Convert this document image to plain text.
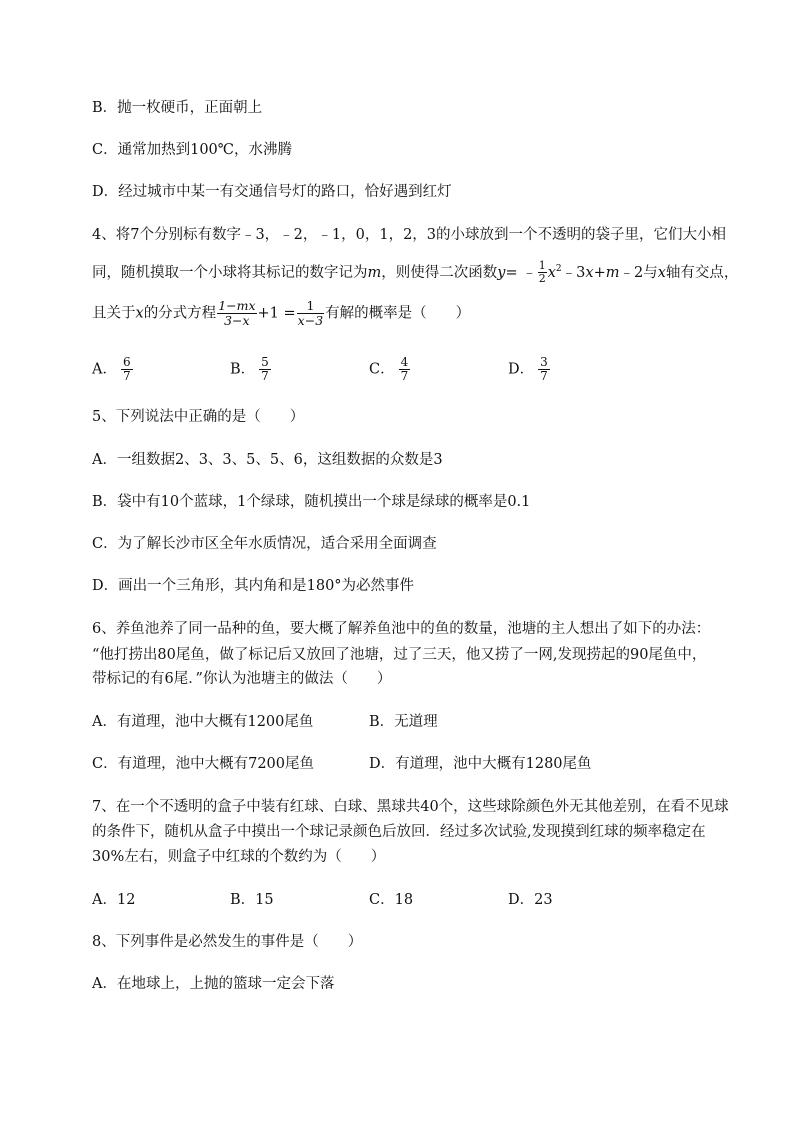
B．抛一枚硬币，正面朝上
C．通常加热到100℃，水沸腾
D．经过城市中某一有交通信号灯的路口，恰好遇到红灯
4、将7个分别标有数字﹣3，﹣2，﹣1，0，1，2，3的小球放到一个不透明的袋子里，它们大小相
同，随机摸取一个小球将其标记的数字记为m，则使得二次函数y= ﹣ $\frac{1}{2}$ $x^2﹣3x+m﹣2$与x轴有交点，
且关于x的分式方程 $\frac{1-mx}{3-x} +1 = \frac{1}{x-3}$ 有解的概率是（　　）
A． $\frac{6}{7}$	B． $\frac{5}{7}$	C． $\frac{4}{7}$	D． $\frac{3}{7}$
5、下列说法中正确的是（　　）
A．一组数据2、3、3、5、5、6，这组数据的众数是3
B．袋中有10个蓝球，1个绿球，随机摸出一个球是绿球的概率是0.1
C．为了解长沙市区全年水质情况，适合采用全面调查
D．画出一个三角形，其内角和是180°为必然事件
6、养鱼池养了同一品种的鱼，要大概了解养鱼池中的鱼的数量，池塘的主人想出了如下的办法：
“他打捞出80尾鱼，做了标记后又放回了池塘，过了三天，他又捞了一网,发现捞起的90尾鱼中，
带标记的有6尾．”你认为池塘主的做法（　　）
A．有道理，池中大概有1200尾鱼	B．无道理
C．有道理，池中大概有7200尾鱼	D．有道理，池中大概有1280尾鱼
7、在一个不透明的盒子中装有红球、白球、黑球共40个，这些球除颜色外无其他差别，在看不见球
的条件下，随机从盒子中摸出一个球记录颜色后放回．经过多次试验,发现摸到红球的频率稳定在
30%左右，则盒子中红球的个数约为（　　）
A．12	B．15	C．18	D．23
8、下列事件是必然发生的事件是（　　）
A．在地球上，上抛的篮球一定会下落
